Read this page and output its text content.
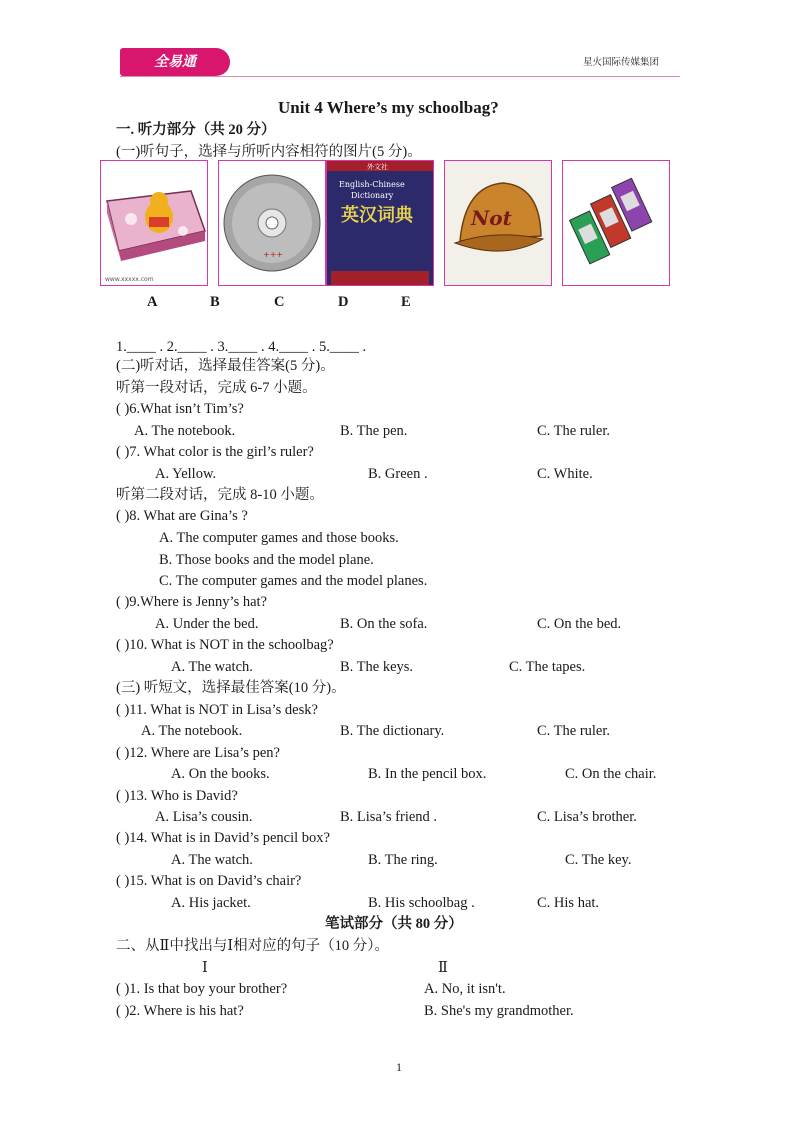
全易通	星火国际传媒集团
Unit 4 Where’s my schoolbag?
一. 听力部分（共 20 分）
(一)听句子，选择与所听内容相符的图片(5 分)。
www.xxxxx.com
+++
外文社
English-Chinese
Dictionary
英汉词典	Not
A	B	C	D	E
1.____ . 2.____ . 3.____ . 4.____ . 5.____ .
(二)听对话，选择最佳答案(5 分)。
听第一段对话，完成 6-7 小题。
( )6.What isn’t Tim’s?
A. The notebook.	B. The pen.	C. The ruler.
( )7. What color is the girl’s ruler?
A. Yellow.	B. Green .	C. White.
听第二段对话，完成 8-10 小题。
( )8. What are Gina’s ?
A. The computer games and those books.
B. Those books and the model plane.
C. The computer games and the model planes.
( )9.Where is Jenny’s hat?
A. Under the bed.	B. On the sofa.	C. On the bed.
( )10. What is NOT in the schoolbag?
A. The watch.	B. The keys.	C. The tapes.
(三) 听短文，选择最佳答案(10 分)。
( )11. What is NOT in Lisa’s desk?
A. The notebook.	B. The dictionary.	C. The ruler.
( )12. Where are Lisa’s pen?
A. On the books.	B. In the pencil box.	C. On the chair.
( )13. Who is David?
A. Lisa’s cousin.	B. Lisa’s friend .	C. Lisa’s brother.
( )14. What is in David’s pencil box?
A. The watch.	B. The ring.	C. The key.
( )15. What is on David’s chair?
A. His jacket.	B. His schoolbag .	C. His hat.
笔试部分（共 80 分）
二、从Ⅱ中找出与Ⅰ相对应的句子（10 分）。
Ⅰ	Ⅱ
( )1. Is that boy your brother?	A. No, it isn't.
( )2. Where is his hat?	B. She's my grandmother.
1
